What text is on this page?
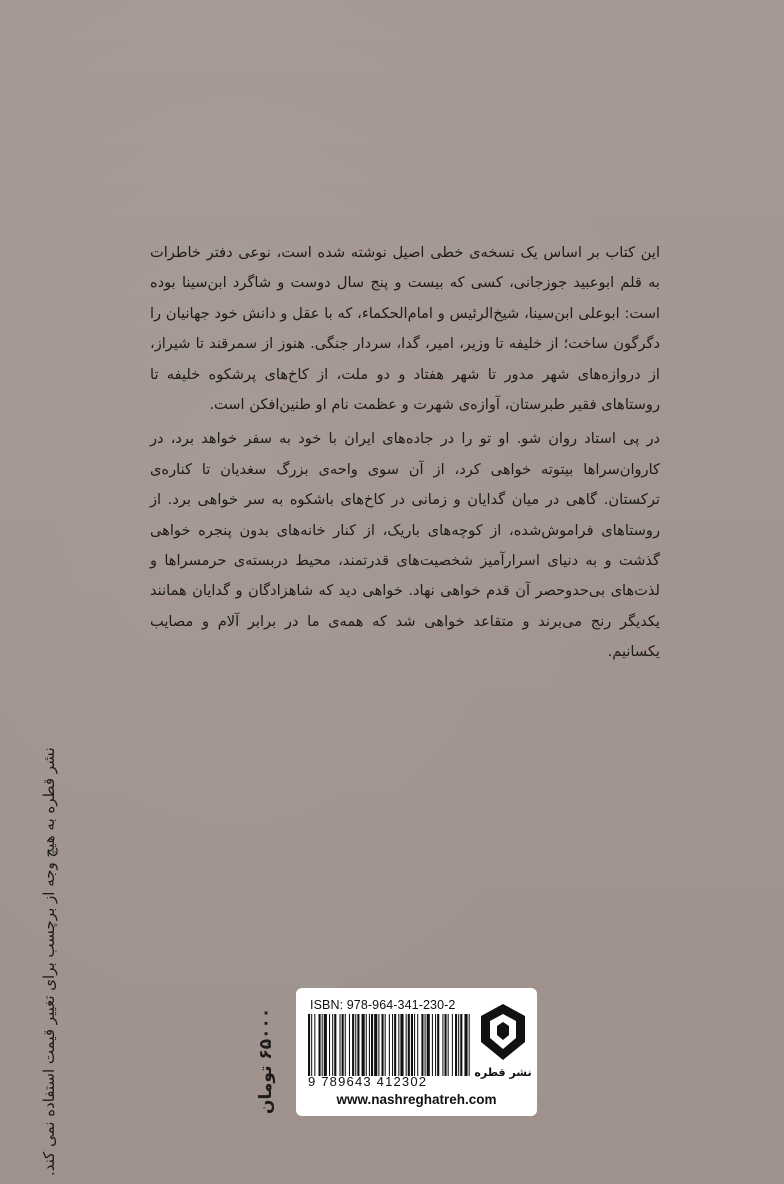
این کتاب بر اساس یک نسخه‌ی خطی اصیل نوشته شده است، نوعی دفتر خاطرات به قلم ابوعبید جوزجانی، کسی که بیست و پنج سال دوست و شاگرد ابن‌سینا بوده است: ابوعلی ابن‌سینا، شیخ‌الرئیس و امام‌الحکماء، که با عقل و دانش خود جهانیان را دگرگون ساخت؛ از خلیفه تا وزیر، امیر، گدا، سردار جنگی. هنوز از سمرقند تا شیراز، از دروازه‌های شهر مدور تا شهر هفتاد و دو ملت، از کاخ‌های پرشکوه خلیفه تا روستاهای فقیر طبرستان، آوازه‌ی شهرت و عظمت نام او طنین‌افکن است.

در پی استاد روان شو. او تو را در جاده‌های ایران با خود به سفر خواهد برد، در کاروان‌سراها بیتوته خواهی کرد، از آن سوی واحه‌ی بزرگ سغدیان تا کناره‌ی ترکستان. گاهی در میان گدایان و زمانی در کاخ‌های باشکوه به سر خواهی برد. از روستاهای فراموش‌شده، از کوچه‌های باریک، از کنار خانه‌های بدون پنجره خواهی گذشت و به دنیای اسرارآمیز شخصیت‌های قدرتمند، محیط دربسته‌ی حرمسراها و لذت‌های بی‌حدوحصر آن قدم خواهی نهاد. خواهی دید که شاهزادگان و گدایان همانند یکدیگر رنج می‌برند و متقاعد خواهی شد که همه‌ی ما در برابر آلام و مصایب یکسانیم.

نشر قطره به هیچ وجه از برچسب برای تغییر قیمت استفاده نمی کند.	۶۵۰۰۰ تومان
ISBN: 978-964-341-230-2
9 789643 412302
نشر قطره
www.nashreghatreh.com
